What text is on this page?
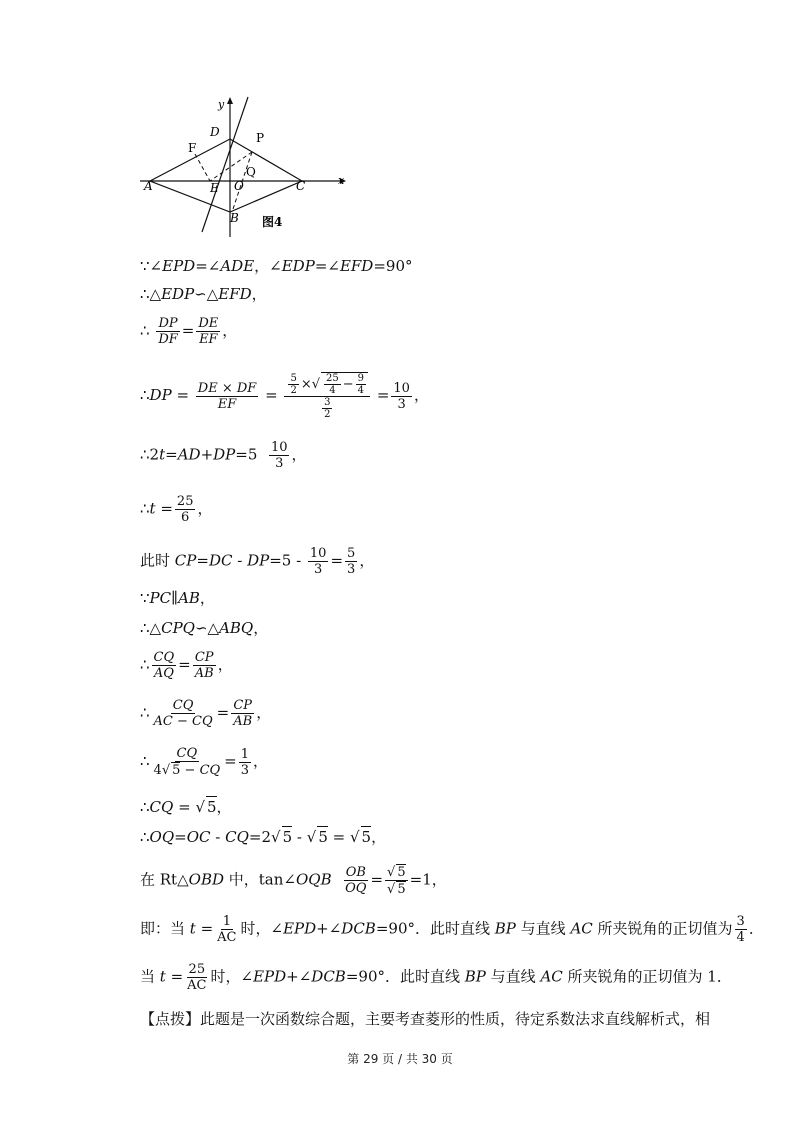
A
B
C
D
E
F
O
P
Q
x
y
图4
∵∠EPD=∠ADE，∠EDP=∠EFD=90°
∴△EDP∽△EFD，
∴ $\frac{DP}{DF} = \frac{DE}{EF}$ ，
∴DP = $\frac{DE \times DF}{EF} = \frac{\frac{5}{2} \times√ \frac{25}{4} - \frac{9}{4}}{\frac{3}{2}} = \frac{10}{3}$ ，
∴2t=AD+DP=5 $\frac{10}{3}$ ，
∴t = $\frac{25}{6}$ ，
此时 $CP=DC - DP=5 - \frac{10}{3} = \frac{5}{3}$ ，
∵PC∥AB，
∴△CPQ∽△ABQ，
∴ $\frac{CQ}{AQ} = \frac{CP}{AB}$ ，
∴ $\frac{CQ}{AC - CQ} = \frac{CP}{AB}$ ，
∴ $\frac{CQ}{4√ 5 - CQ} = \frac{1}{3}$ ，
∴CQ = √ 5，
∴OQ=OC - CQ=2√ 5 - √ 5 = √ 5，
在 Rt△OBD 中，tan∠OQB $\frac{OB}{OQ} = \frac{√ 5}{√ 5} =1$，
即：当 $t = \frac{1}{AC}$ 时，∠EPD+∠DCB=90°．此时直线 BP 与直线 AC 所夹锐角的正切值为 $\frac{3}{4}$ ．
当 $t = \frac{25}{AC}$ 时，∠EPD+∠DCB=90°．此时直线 BP 与直线 AC 所夹锐角的正切值为 1．
【点拨】此题是一次函数综合题，主要考查菱形的性质，待定系数法求直线解析式，相
第 29 页 / 共 30 页
